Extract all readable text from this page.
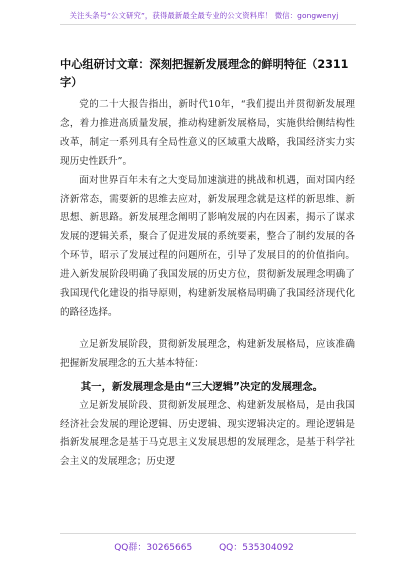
关注头条号“公文研究”，获得最新最全最专业的公文资料库！ 微信：gongwenyj
中心组研讨文章：深刻把握新发展理念的鲜明特征（2311字）

党的二十大报告指出，新时代10年，“我们提出并贯彻新发展理念，着力推进高质量发展，推动构建新发展格局，实施供给侧结构性改革，制定一系列具有全局性意义的区域重大战略，我国经济实力实现历史性跃升”。

面对世界百年未有之大变局加速演进的挑战和机遇，面对国内经济新常态，需要新的思维去应对，新发展理念就是这样的新思维、新思想、新思路。新发展理念阐明了影响发展的内在因素，揭示了谋求发展的逻辑关系，聚合了促进发展的系统要素，整合了制约发展的各个环节，昭示了发展过程的问题所在，引导了发展目的的价值指向。进入新发展阶段明确了我国发展的历史方位，贯彻新发展理念明确了我国现代化建设的指导原则，构建新发展格局明确了我国经济现代化的路径选择。

立足新发展阶段，贯彻新发展理念，构建新发展格局，应该准确把握新发展理念的五大基本特征：

其一，新发展理念是由“三大逻辑”决定的发展理念。

立足新发展阶段、贯彻新发展理念、构建新发展格局，是由我国经济社会发展的理论逻辑、历史逻辑、现实逻辑决定的。理论逻辑是指新发展理念是基于马克思主义发展思想的发展理念，是基于科学社会主义的发展理念；历史逻

QQ群：30265665	QQ：535304092
